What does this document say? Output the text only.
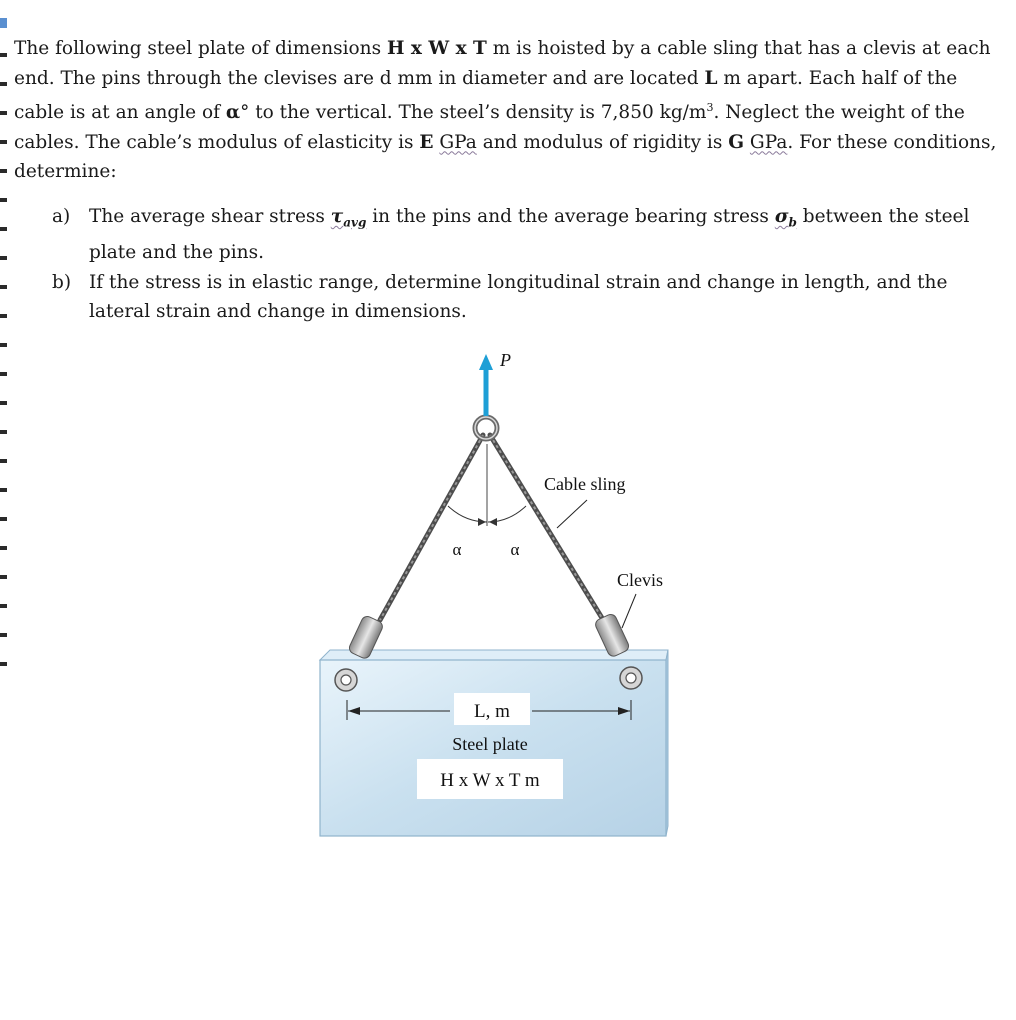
The following steel plate of dimensions H x W x T m is hoisted by a cable sling that has a clevis at each end. The pins through the clevises are d mm in diameter and are located L m apart. Each half of the cable is at an angle of α° to the vertical. The steel’s density is 7,850 $kg/m^3$. Neglect the weight of the cables. The cable’s modulus of elasticity is E GPa and modulus of rigidity is G GPa. For these conditions, determine:

a) The average shear stress $\tau_{avg}$ in the pins and the average bearing stress $\sigma_b$ between the steel plate and the pins.
b) If the stress is in elastic range, determine longitudinal strain and change in length, and the lateral strain and change in dimensions.
L, m
Steel plate
H x W x T m
α	α
P
Cable sling
Clevis
